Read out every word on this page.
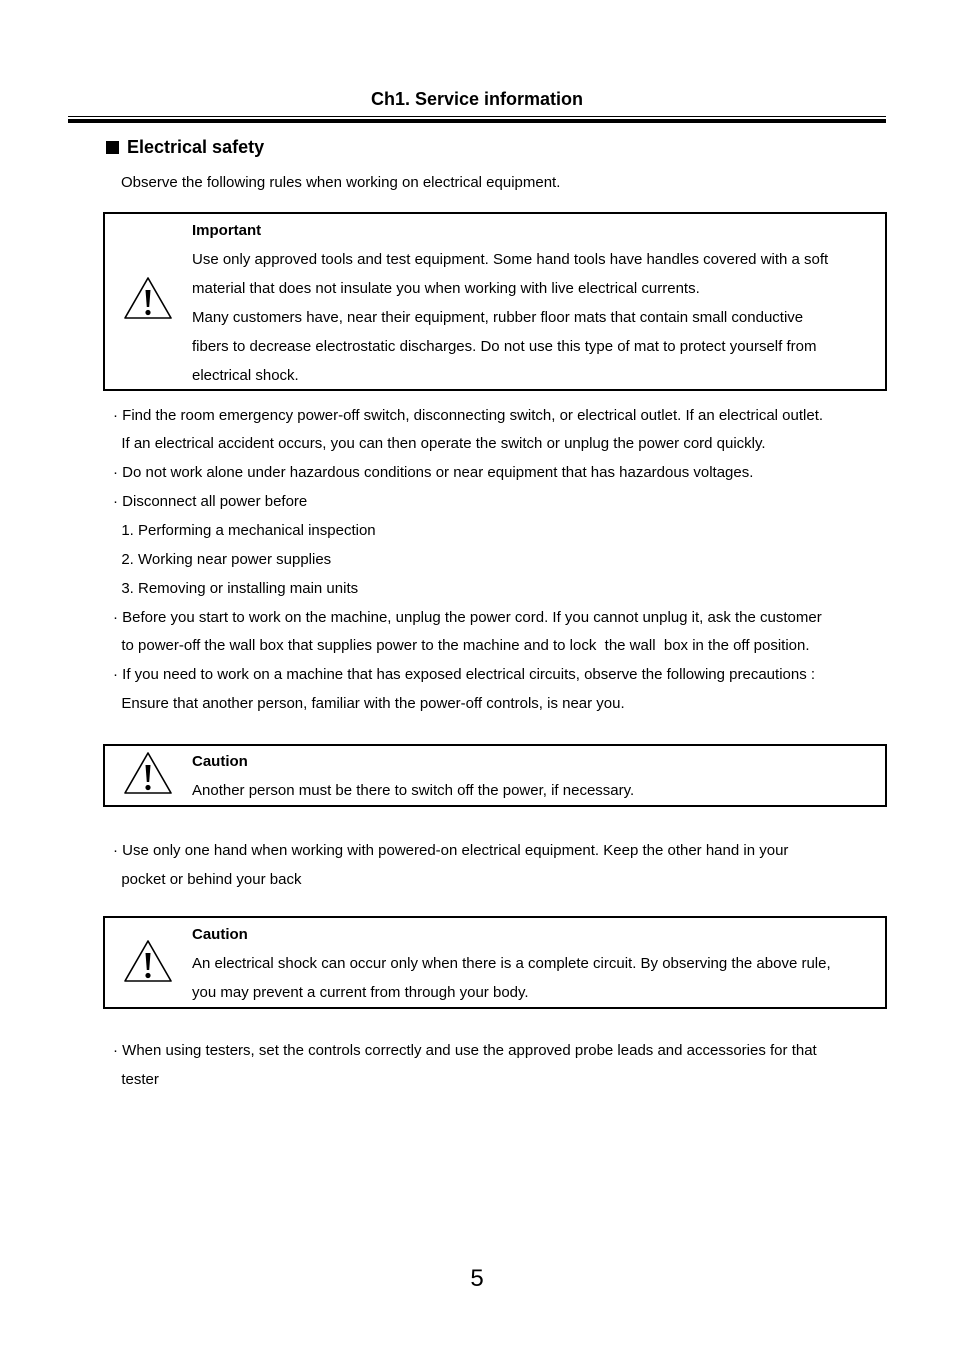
Ch1. Service information
Electrical safety
Observe the following rules when working on electrical equipment.
Important
Use only approved tools and test equipment. Some hand tools have handles covered with a soft
material that does not insulate you when working with live electrical currents.
Many customers have, near their equipment, rubber floor mats that contain small conductive
fibers to decrease electrostatic discharges. Do not use this type of mat to protect yourself from
electrical shock.
· Find the room emergency power-off switch, disconnecting switch, or electrical outlet. If an electrical outlet.
If an electrical accident occurs, you can then operate the switch or unplug the power cord quickly.
· Do not work alone under hazardous conditions or near equipment that has hazardous voltages.
· Disconnect all power before
1. Performing a mechanical inspection
2. Working near power supplies
3. Removing or installing main units
· Before you start to work on the machine, unplug the power cord. If you cannot unplug it, ask the customer
to power-off the wall box that supplies power to the machine and to lock  the wall  box in the off position.
· If you need to work on a machine that has exposed electrical circuits, observe the following precautions :
Ensure that another person, familiar with the power-off controls, is near you.
Caution
Another person must be there to switch off the power, if necessary.
· Use only one hand when working with powered-on electrical equipment. Keep the other hand in your
pocket or behind your back
Caution
An electrical shock can occur only when there is a complete circuit. By observing the above rule,
you may prevent a current from through your body.
· When using testers, set the controls correctly and use the approved probe leads and accessories for that
tester
5
